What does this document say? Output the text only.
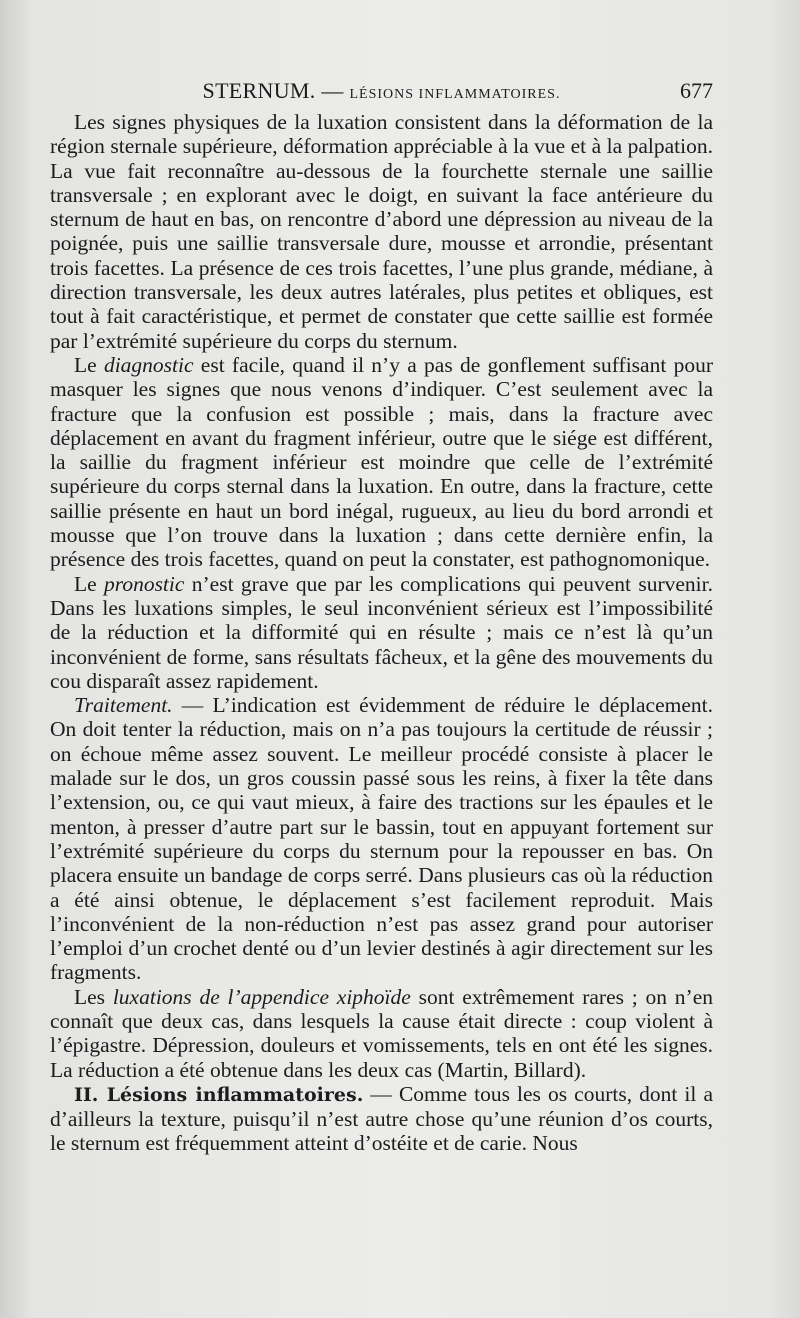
STERNUM. — LÉSIONS INFLAMMATOIRES.	677

Les signes physiques de la luxation consistent dans la déformation de la région sternale supérieure, déformation appréciable à la vue et à la palpation. La vue fait reconnaître au-dessous de la fourchette sternale une saillie transversale ; en explorant avec le doigt, en suivant la face antérieure du sternum de haut en bas, on rencontre d’abord une dépression au niveau de la poignée, puis une saillie transversale dure, mousse et arrondie, présentant trois facettes. La présence de ces trois facettes, l’une plus grande, médiane, à direction transversale, les deux autres latérales, plus petites et obliques, est tout à fait caractéristique, et permet de constater que cette saillie est formée par l’extrémité supérieure du corps du sternum.

Le diagnostic est facile, quand il n’y a pas de gonflement suffisant pour masquer les signes que nous venons d’indiquer. C’est seulement avec la fracture que la confusion est possible ; mais, dans la fracture avec déplacement en avant du fragment inférieur, outre que le siége est différent, la saillie du fragment inférieur est moindre que celle de l’extrémité supérieure du corps sternal dans la luxation. En outre, dans la fracture, cette saillie présente en haut un bord inégal, rugueux, au lieu du bord arrondi et mousse que l’on trouve dans la luxation ; dans cette dernière enfin, la présence des trois facettes, quand on peut la constater, est pathognomonique.

Le pronostic n’est grave que par les complications qui peuvent survenir. Dans les luxations simples, le seul inconvénient sérieux est l’impossibilité de la réduction et la difformité qui en résulte ; mais ce n’est là qu’un inconvénient de forme, sans résultats fâcheux, et la gêne des mouvements du cou disparaît assez rapidement.

Traitement. — L’indication est évidemment de réduire le déplacement. On doit tenter la réduction, mais on n’a pas toujours la certitude de réussir ; on échoue même assez souvent. Le meilleur procédé consiste à placer le malade sur le dos, un gros coussin passé sous les reins, à fixer la tête dans l’extension, ou, ce qui vaut mieux, à faire des tractions sur les épaules et le menton, à presser d’autre part sur le bassin, tout en appuyant fortement sur l’extrémité supérieure du corps du sternum pour la repousser en bas. On placera ensuite un bandage de corps serré. Dans plusieurs cas où la réduction a été ainsi obtenue, le déplacement s’est facilement reproduit. Mais l’inconvénient de la non-réduction n’est pas assez grand pour autoriser l’emploi d’un crochet denté ou d’un levier destinés à agir directement sur les fragments.

Les luxations de l’appendice xiphoïde sont extrêmement rares ; on n’en connaît que deux cas, dans lesquels la cause était directe : coup violent à l’épigastre. Dépression, douleurs et vomissements, tels en ont été les signes. La réduction a été obtenue dans les deux cas (Martin, Billard).

II. Lésions inflammatoires. — Comme tous les os courts, dont il a d’ailleurs la texture, puisqu’il n’est autre chose qu’une réunion d’os courts, le sternum est fréquemment atteint d’ostéite et de carie. Nous
